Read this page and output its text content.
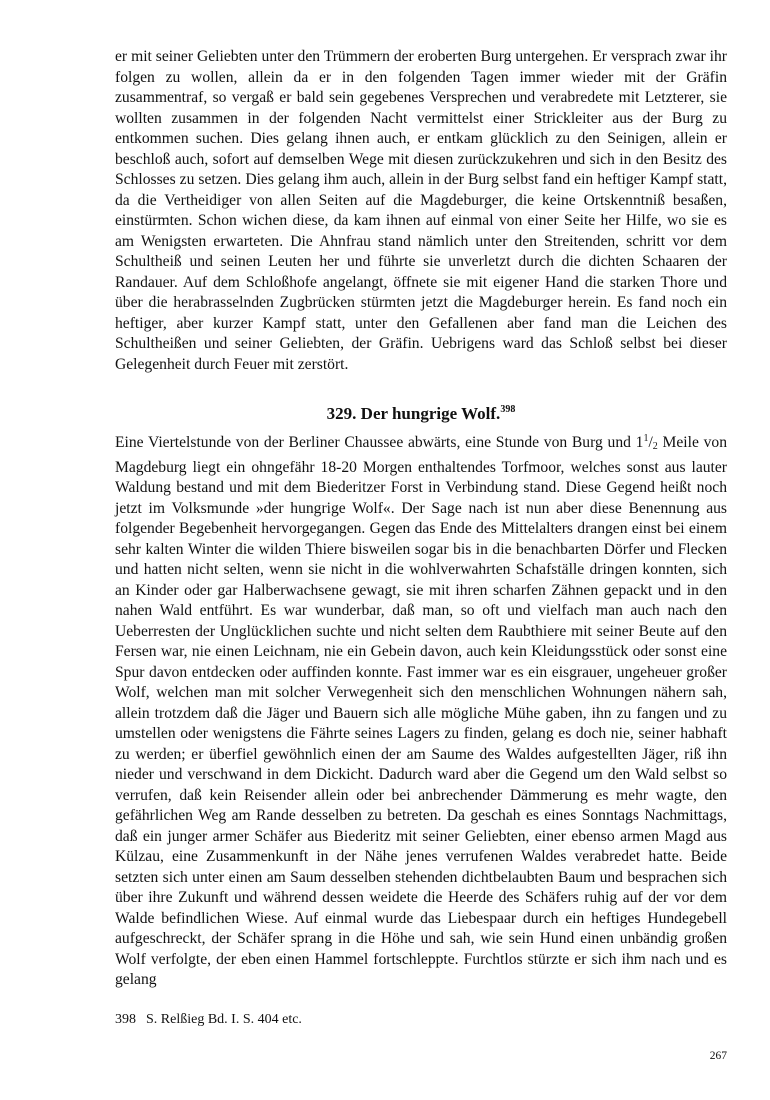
er mit seiner Geliebten unter den Trümmern der eroberten Burg untergehen. Er versprach zwar ihr folgen zu wollen, allein da er in den folgenden Tagen immer wieder mit der Gräfin zusammentraf, so vergaß er bald sein gegebenes Versprechen und verabredete mit Letzterer, sie wollten zusammen in der folgenden Nacht vermittelst einer Strickleiter aus der Burg zu entkommen suchen. Dies gelang ihnen auch, er entkam glücklich zu den Seinigen, allein er beschloß auch, sofort auf demselben Wege mit diesen zurückzukehren und sich in den Besitz des Schlosses zu setzen. Dies gelang ihm auch, allein in der Burg selbst fand ein heftiger Kampf statt, da die Vertheidiger von allen Seiten auf die Magdeburger, die keine Ortskenntniß besaßen, einstürmten. Schon wichen diese, da kam ihnen auf einmal von einer Seite her Hilfe, wo sie es am Wenigsten erwarteten. Die Ahnfrau stand nämlich unter den Streitenden, schritt vor dem Schultheiß und seinen Leuten her und führte sie unverletzt durch die dichten Schaaren der Randauer. Auf dem Schloßhofe angelangt, öffnete sie mit eigener Hand die starken Thore und über die herabrasselnden Zugbrücken stürmten jetzt die Magdeburger herein. Es fand noch ein heftiger, aber kurzer Kampf statt, unter den Gefallenen aber fand man die Leichen des Schultheißen und seiner Geliebten, der Gräfin. Uebrigens ward das Schloß selbst bei dieser Gelegenheit durch Feuer mit zerstört.

329. Der hungrige Wolf.$^{398}$

Eine Viertelstunde von der Berliner Chaussee abwärts, eine Stunde von Burg und $1^1/_2$ Meile von Magdeburg liegt ein ohngefähr 18-20 Morgen enthaltendes Torfmoor, welches sonst aus lauter Waldung bestand und mit dem Biederitzer Forst in Verbindung stand. Diese Gegend heißt noch jetzt im Volksmunde »der hungrige Wolf«. Der Sage nach ist nun aber diese Benennung aus folgender Begebenheit hervorgegangen. Gegen das Ende des Mittelalters drangen einst bei einem sehr kalten Winter die wilden Thiere bisweilen sogar bis in die benachbarten Dörfer und Flecken und hatten nicht selten, wenn sie nicht in die wohlverwahrten Schafställe dringen konnten, sich an Kinder oder gar Halberwachsene gewagt, sie mit ihren scharfen Zähnen gepackt und in den nahen Wald entführt. Es war wunderbar, daß man, so oft und vielfach man auch nach den Ueberresten der Unglücklichen suchte und nicht selten dem Raubthiere mit seiner Beute auf den Fersen war, nie einen Leichnam, nie ein Gebein davon, auch kein Kleidungsstück oder sonst eine Spur davon entdecken oder auffinden konnte. Fast immer war es ein eisgrauer, ungeheuer großer Wolf, welchen man mit solcher Verwegenheit sich den menschlichen Wohnungen nähern sah, allein trotzdem daß die Jäger und Bauern sich alle mögliche Mühe gaben, ihn zu fangen und zu umstellen oder wenigstens die Fährte seines Lagers zu finden, gelang es doch nie, seiner habhaft zu werden; er überfiel gewöhnlich einen der am Saume des Waldes aufgestellten Jäger, riß ihn nieder und verschwand in dem Dickicht. Dadurch ward aber die Gegend um den Wald selbst so verrufen, daß kein Reisender allein oder bei anbrechender Dämmerung es mehr wagte, den gefährlichen Weg am Rande desselben zu betreten. Da geschah es eines Sonntags Nachmittags, daß ein junger armer Schäfer aus Biederitz mit seiner Geliebten, einer ebenso armen Magd aus Külzau, eine Zusammenkunft in der Nähe jenes verrufenen Waldes verabredet hatte. Beide setzten sich unter einen am Saum desselben stehenden dichtbelaubten Baum und besprachen sich über ihre Zukunft und während dessen weidete die Heerde des Schäfers ruhig auf der vor dem Walde befindlichen Wiese. Auf einmal wurde das Liebespaar durch ein heftiges Hundegebell aufgeschreckt, der Schäfer sprang in die Höhe und sah, wie sein Hund einen unbändig großen Wolf verfolgte, der eben einen Hammel fortschleppte. Furchtlos stürzte er sich ihm nach und es gelang

398 S. Relßieg Bd. I. S. 404 etc.
267
